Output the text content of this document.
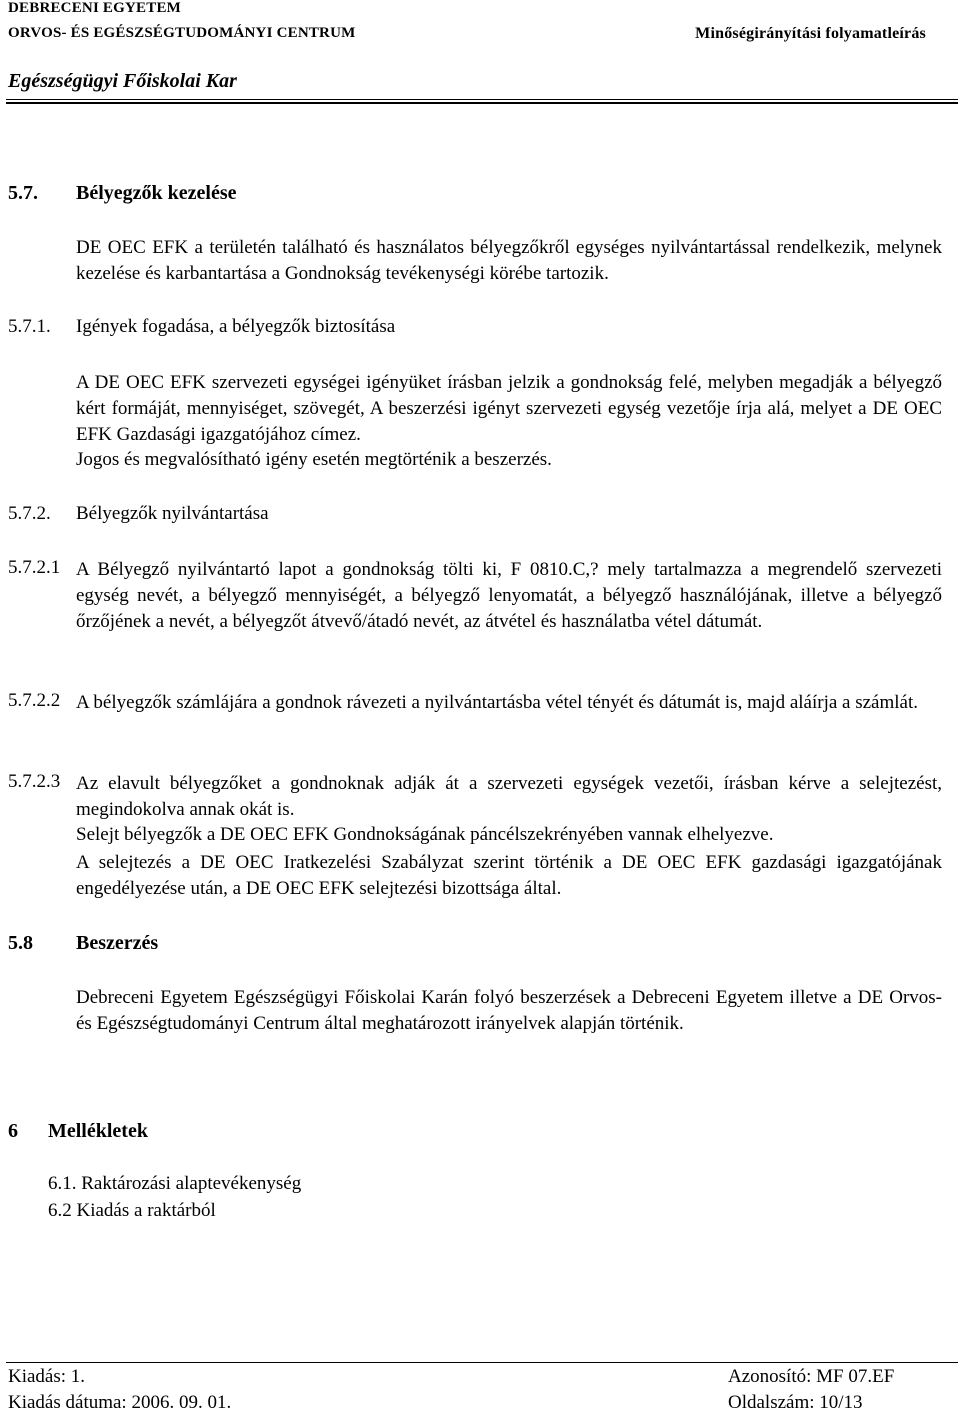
DEBRECENI EGYETEM
ORVOS- ÉS EGÉSZSÉGTUDOMÁNYI CENTRUM	Minőségirányítási folyamatleírás
Egészségügyi Főiskolai Kar
5.7. Bélyegzők kezelése
DE OEC EFK a területén található és használatos bélyegzőkről egységes nyilvántartással rendelkezik, melynek kezelése és karbantartása a Gondnokság tevékenységi körébe tartozik.
5.7.1. Igények fogadása, a bélyegzők biztosítása
A DE OEC EFK szervezeti egységei igényüket írásban jelzik a gondnokság felé, melyben megadják a bélyegző kért formáját, mennyiséget, szövegét, A beszerzési igényt szervezeti egység vezetője írja alá, melyet a DE OEC EFK Gazdasági igazgatójához címez.
Jogos és megvalósítható igény esetén megtörténik a beszerzés.
5.7.2. Bélyegzők nyilvántartása
5.7.2.1 A Bélyegző nyilvántartó lapot a gondnokság tölti ki, F 0810.C,? mely tartalmazza a megrendelő szervezeti egység nevét, a bélyegző mennyiségét, a bélyegző lenyomatát, a bélyegző használójának, illetve a bélyegző őrzőjének a nevét, a bélyegzőt átvevő/átadó nevét, az átvétel és használatba vétel dátumát.
5.7.2.2 A bélyegzők számlájára a gondnok rávezeti a nyilvántartásba vétel tényét és dátumát is, majd aláírja a számlát.
5.7.2.3 Az elavult bélyegzőket a gondnoknak adják át a szervezeti egységek vezetői, írásban kérve a selejtezést, megindokolva annak okát is.
Selejt bélyegzők a DE OEC EFK Gondnokságának páncélszekrényében vannak elhelyezve.
A selejtezés a DE OEC Iratkezelési Szabályzat szerint történik a DE OEC EFK gazdasági igazgatójának engedélyezése után, a DE OEC EFK selejtezési bizottsága által.
5.8 Beszerzés
Debreceni Egyetem Egészségügyi Főiskolai Karán folyó beszerzések a Debreceni Egyetem illetve a DE Orvos- és Egészségtudományi Centrum által meghatározott irányelvek alapján történik.
6 Mellékletek
6.1. Raktározási alaptevékenység
6.2 Kiadás a raktárból
Kiadás: 1.
Kiadás dátuma: 2006. 09. 01.
Azonosító: MF 07.EF
Oldalszám: 10/13
